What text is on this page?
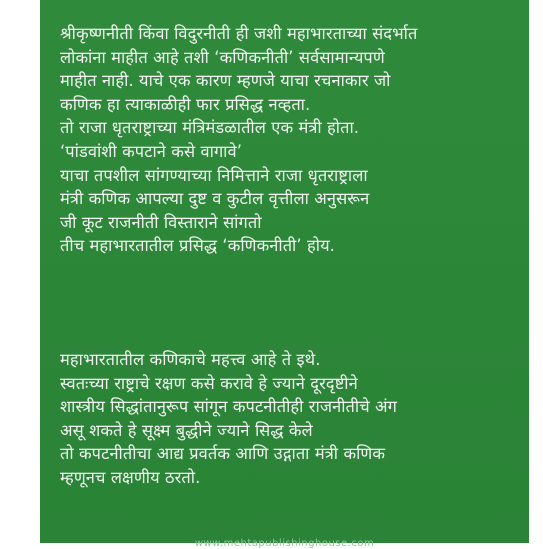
श्रीकृष्णनीती किंवा विदुरनीती ही जशी महाभारताच्या संदर्भात
लोकांना माहीत आहे तशी ‘कणिकनीती’ सर्वसामान्यपणे
माहीत नाही. याचे एक कारण म्हणजे याचा रचनाकार जो
कणिक हा त्याकाळीही फार प्रसिद्ध नव्हता.
तो राजा धृतराष्ट्राच्या मंत्रिमंडळातील एक मंत्री होता.
‘पांडवांशी कपटाने कसे वागावे’
याचा तपशील सांगण्याच्या निमित्ताने राजा धृतराष्ट्राला
मंत्री कणिक आपल्या दुष्ट व कुटील वृत्तीला अनुसरून
जी कूट राजनीती विस्ताराने सांगतो
तीच महाभारतातील प्रसिद्ध ‘कणिकनीती’ होय.
महाभारतातील कणिकाचे महत्त्व आहे ते इथे.
स्वतःच्या राष्ट्राचे रक्षण कसे करावे हे ज्याने दूरदृष्टीने
शास्त्रीय सिद्धांतानुरूप सांगून कपटनीतीही राजनीतीचे अंग
असू शकते हे सूक्ष्म बुद्धीने ज्याने सिद्ध केले
तो कपटनीतीचा आद्य प्रवर्तक आणि उद्गाता मंत्री कणिक
म्हणूनच लक्षणीय ठरतो.
www.mehtapublishinghouse.com
